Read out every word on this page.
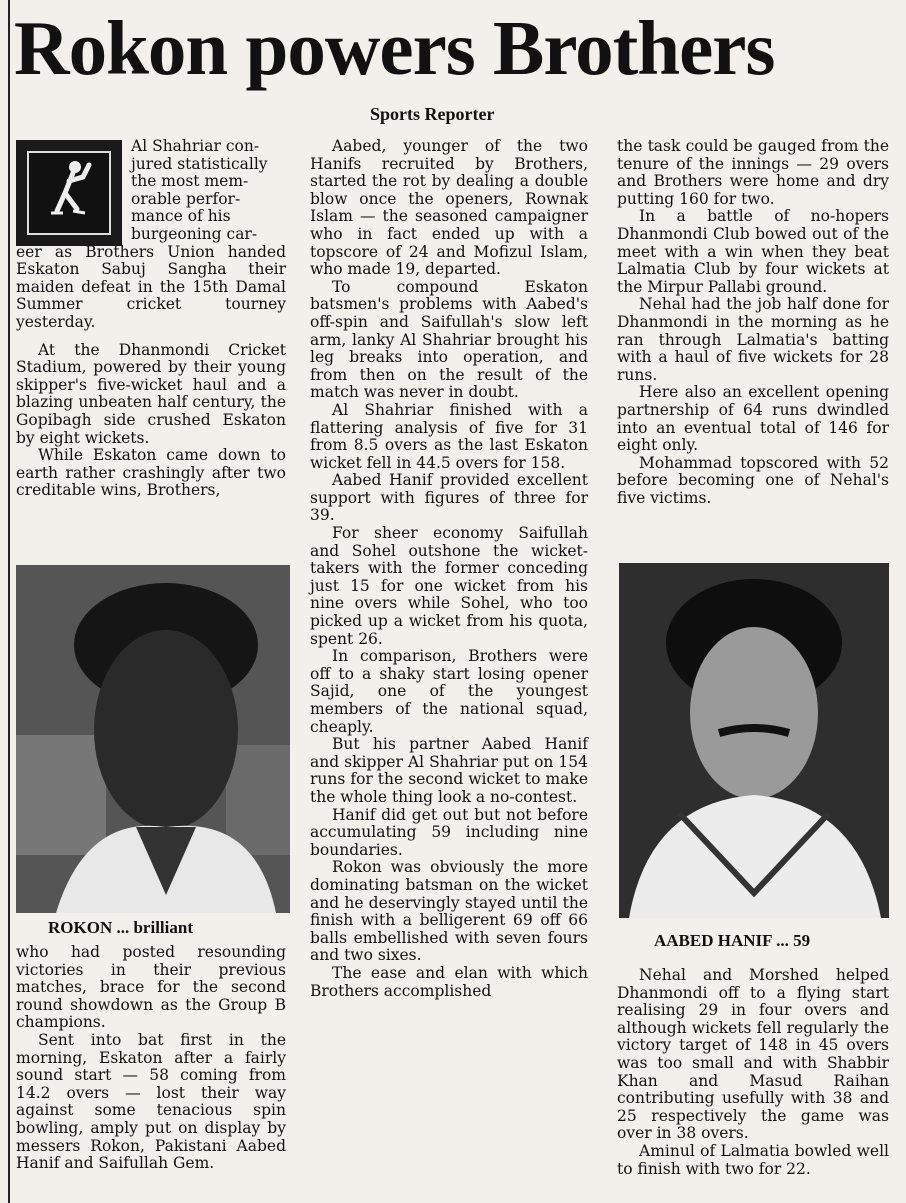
Rokon powers Brothers
Sports Reporter
Al Shahriar con-
jured statistically
the most mem-
orable perfor-
mance of his
burgeoning car-

eer as Brothers Union handed Eskaton Sabuj Sangha their maiden defeat in the 15th Damal Summer cricket tourney yesterday.

At the Dhanmondi Cricket Stadium, powered by their young skipper's five-wicket haul and a blazing unbeaten half century, the Gopibagh side crushed Eskaton by eight wickets.

While Eskaton came down to earth rather crashingly after two creditable wins, Brothers,

ROKON ... brilliant

who had posted resounding victories in their previous matches, brace for the second round showdown as the Group B champions.

Sent into bat first in the morning, Eskaton after a fairly sound start — 58 coming from 14.2 overs — lost their way against some tenacious spin bowling, amply put on display by messers Rokon, Pakistani Aabed Hanif and Saifullah Gem.

Aabed, younger of the two Hanifs recruited by Brothers, started the rot by dealing a double blow once the openers, Rownak Islam — the seasoned campaigner who in fact ended up with a topscore of 24 and Mofizul Islam, who made 19, departed.

To compound Eskaton batsmen's problems with Aabed's off-spin and Saifullah's slow left arm, lanky Al Shahriar brought his leg breaks into operation, and from then on the result of the match was never in doubt.

Al Shahriar finished with a flattering analysis of five for 31 from 8.5 overs as the last Eskaton wicket fell in 44.5 overs for 158.

Aabed Hanif provided excellent support with figures of three for 39.

For sheer economy Saifullah and Sohel outshone the wicket-takers with the former conceding just 15 for one wicket from his nine overs while Sohel, who too picked up a wicket from his quota, spent 26.

In comparison, Brothers were off to a shaky start losing opener Sajid, one of the youngest members of the national squad, cheaply.

But his partner Aabed Hanif and skipper Al Shahriar put on 154 runs for the second wicket to make the whole thing look a no-contest.

Hanif did get out but not before accumulating 59 including nine boundaries.

Rokon was obviously the more dominating batsman on the wicket and he deservingly stayed until the finish with a belligerent 69 off 66 balls embellished with seven fours and two sixes.

The ease and elan with which Brothers accomplished

the task could be gauged from the tenure of the innings — 29 overs and Brothers were home and dry putting 160 for two.

In a battle of no-hopers Dhanmondi Club bowed out of the meet with a win when they beat Lalmatia Club by four wickets at the Mirpur Pallabi ground.

Nehal had the job half done for Dhanmondi in the morning as he ran through Lalmatia's batting with a haul of five wickets for 28 runs.

Here also an excellent opening partnership of 64 runs dwindled into an eventual total of 146 for eight only.

Mohammad topscored with 52 before becoming one of Nehal's five victims.

AABED HANIF ... 59

Nehal and Morshed helped Dhanmondi off to a flying start realising 29 in four overs and although wickets fell regularly the victory target of 148 in 45 overs was too small and with Shabbir Khan and Masud Raihan contributing usefully with 38 and 25 respectively the game was over in 38 overs.

Aminul of Lalmatia bowled well to finish with two for 22.
